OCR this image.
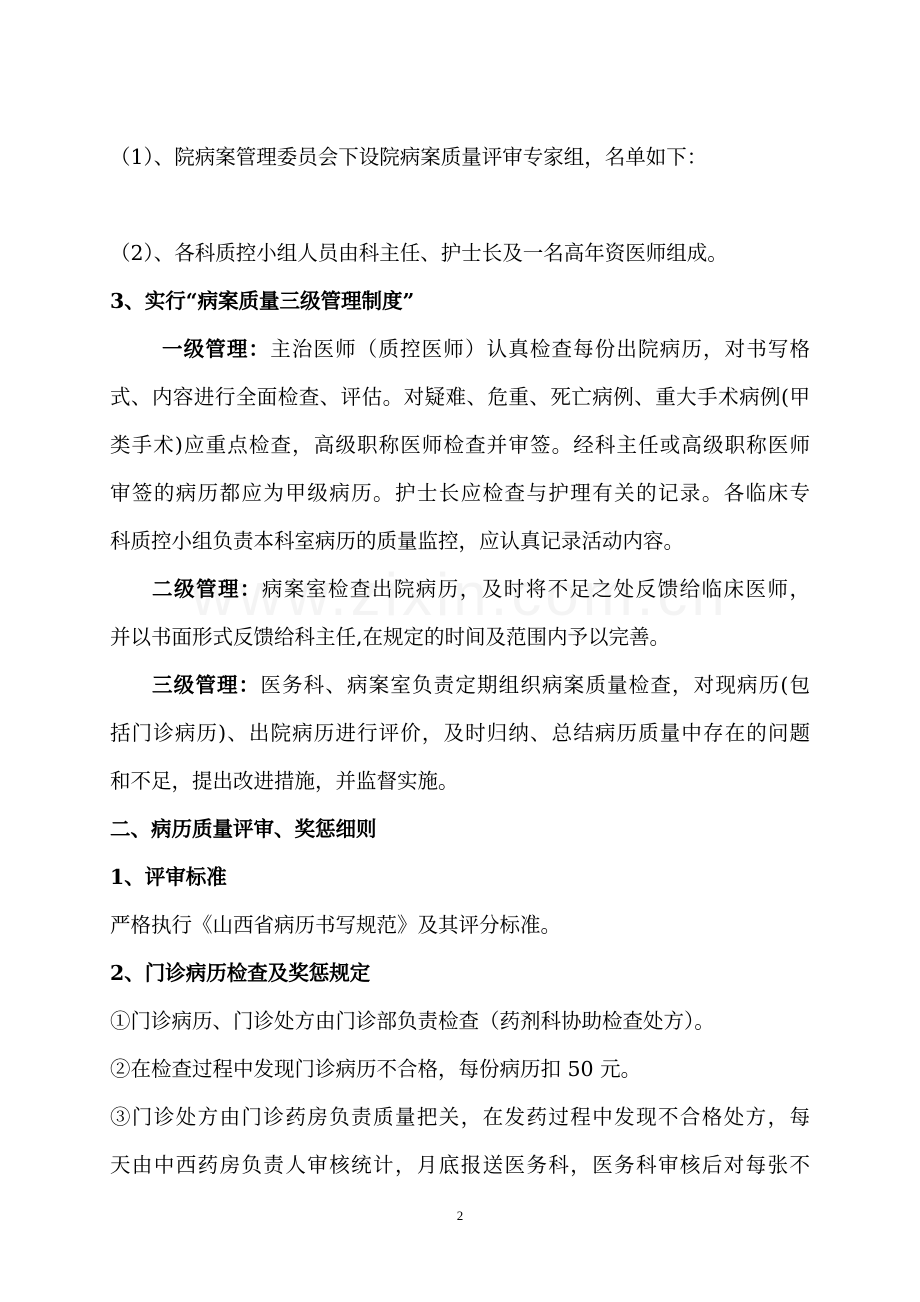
（1）、院病案管理委员会下设院病案质量评审专家组，名单如下：
（2）、各科质控小组人员由科主任、护士长及一名高年资医师组成。
3、实行“病案质量三级管理制度”
一级管理：主治医师（质控医师）认真检查每份出院病历，对书写格
式、内容进行全面检查、评估。对疑难、危重、死亡病例、重大手术病例(甲
类手术)应重点检查，高级职称医师检查并审签。经科主任或高级职称医师
审签的病历都应为甲级病历。护士长应检查与护理有关的记录。各临床专
科质控小组负责本科室病历的质量监控，应认真记录活动内容。
二级管理：病案室检查出院病历，及时将不足之处反馈给临床医师，
并以书面形式反馈给科主任,在规定的时间及范围内予以完善。
三级管理：医务科、病案室负责定期组织病案质量检查，对现病历(包
括门诊病历)、出院病历进行评价，及时归纳、总结病历质量中存在的问题
和不足，提出改进措施，并监督实施。
二、病历质量评审、奖惩细则
1、评审标准
严格执行《山西省病历书写规范》及其评分标准。
2、门诊病历检查及奖惩规定
①门诊病历、门诊处方由门诊部负责检查（药剂科协助检查处方）。
②在检查过程中发现门诊病历不合格，每份病历扣 50 元。
③门诊处方由门诊药房负责质量把关，在发药过程中发现不合格处方，每
天由中西药房负责人审核统计，月底报送医务科，医务科审核后对每张不
2
